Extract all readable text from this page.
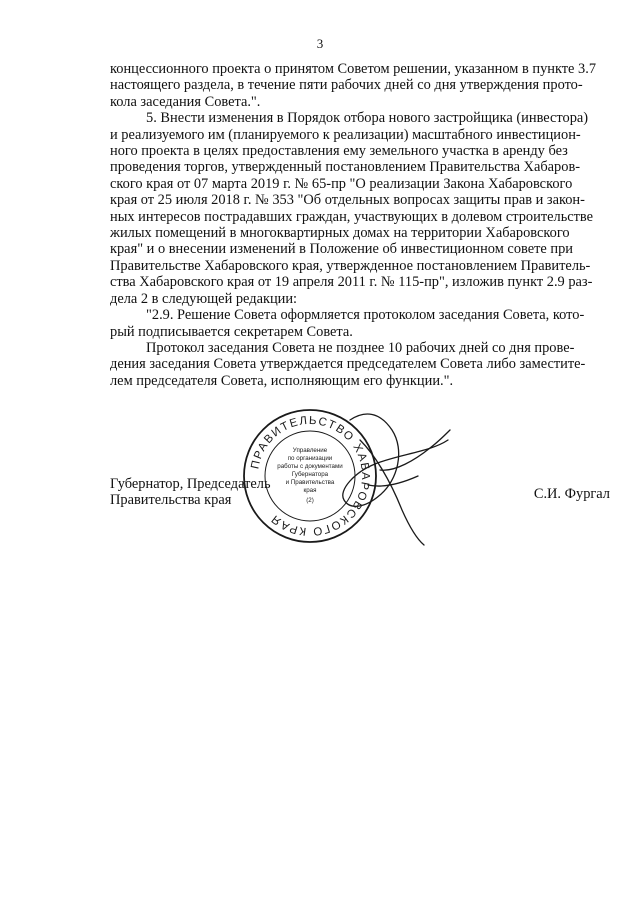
3

концессионного проекта о принятом Советом решении, указанном в пункте 3.7

настоящего раздела, в течение пяти рабочих дней со дня утверждения прото-

кола заседания Совета.".

5. Внести изменения в Порядок отбора нового застройщика (инвестора)

и реализуемого им (планируемого к реализации) масштабного инвестицион-

ного проекта в целях предоставления ему земельного участка в аренду без

проведения торгов, утвержденный постановлением Правительства Хабаров-

ского края от 07 марта 2019 г. № 65-пр "О реализации Закона Хабаровского

края от 25 июля 2018 г. № 353 "Об отдельных вопросах защиты прав и закон-

ных интересов пострадавших граждан, участвующих в долевом строительстве

жилых помещений в многоквартирных домах на территории Хабаровского

края" и о внесении изменений в Положение об инвестиционном совете при

Правительстве Хабаровского края, утвержденное постановлением Правитель-

ства Хабаровского края от 19 апреля 2011 г. № 115-пр", изложив пункт 2.9 раз-

дела 2 в следующей редакции:

"2.9. Решение Совета оформляется протоколом заседания Совета, кото-

рый подписывается секретарем Совета.

Протокол заседания Совета не позднее 10 рабочих дней со дня прове-

дения заседания Совета утверждается председателем Совета либо заместите-

лем председателя Совета, исполняющим его функции.".

Губернатор, Председатель
Правительства края	С.И. Фургал
ПРАВИТЕЛЬСТВО ХАБАРОВСКОГО КРАЯ
Управление
по организации
работы с документами
Губернатора
и Правительства
края
(2)
